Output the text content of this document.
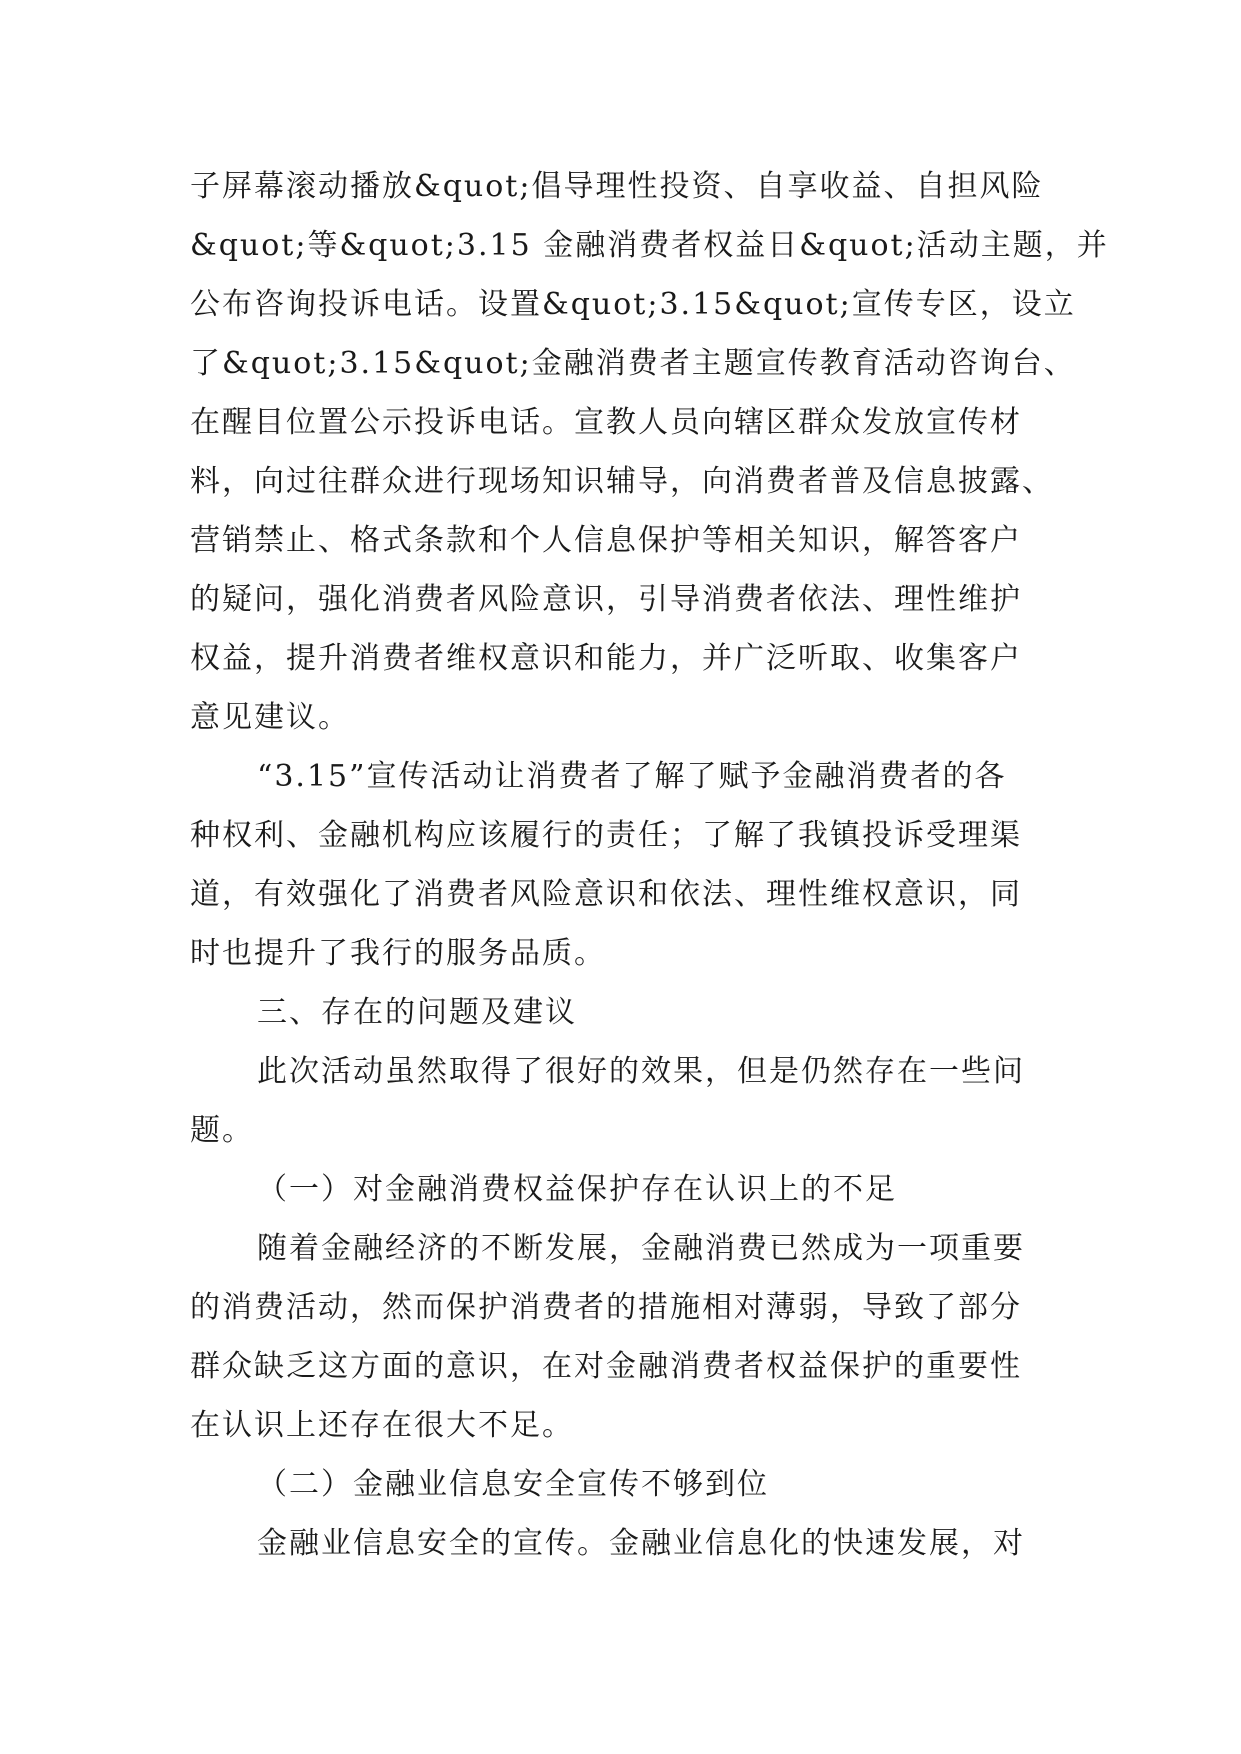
子屏幕滚动播放&quot;倡导理性投资、自享收益、自担风险
&quot;等&quot;3.15 金融消费者权益日&quot;活动主题，并
公布咨询投诉电话。设置&quot;3.15&quot;宣传专区，设立
了&quot;3.15&quot;金融消费者主题宣传教育活动咨询台、
在醒目位置公示投诉电话。宣教人员向辖区群众发放宣传材
料，向过往群众进行现场知识辅导，向消费者普及信息披露、
营销禁止、格式条款和个人信息保护等相关知识，解答客户
的疑问，强化消费者风险意识，引导消费者依法、理性维护
权益，提升消费者维权意识和能力，并广泛听取、收集客户
意见建议。
“3.15”宣传活动让消费者了解了赋予金融消费者的各
种权利、金融机构应该履行的责任；了解了我镇投诉受理渠
道，有效强化了消费者风险意识和依法、理性维权意识，同
时也提升了我行的服务品质。
三、存在的问题及建议
此次活动虽然取得了很好的效果，但是仍然存在一些问
题。
（一）对金融消费权益保护存在认识上的不足
随着金融经济的不断发展，金融消费已然成为一项重要
的消费活动，然而保护消费者的措施相对薄弱，导致了部分
群众缺乏这方面的意识，在对金融消费者权益保护的重要性
在认识上还存在很大不足。
（二）金融业信息安全宣传不够到位
金融业信息安全的宣传。金融业信息化的快速发展，对
